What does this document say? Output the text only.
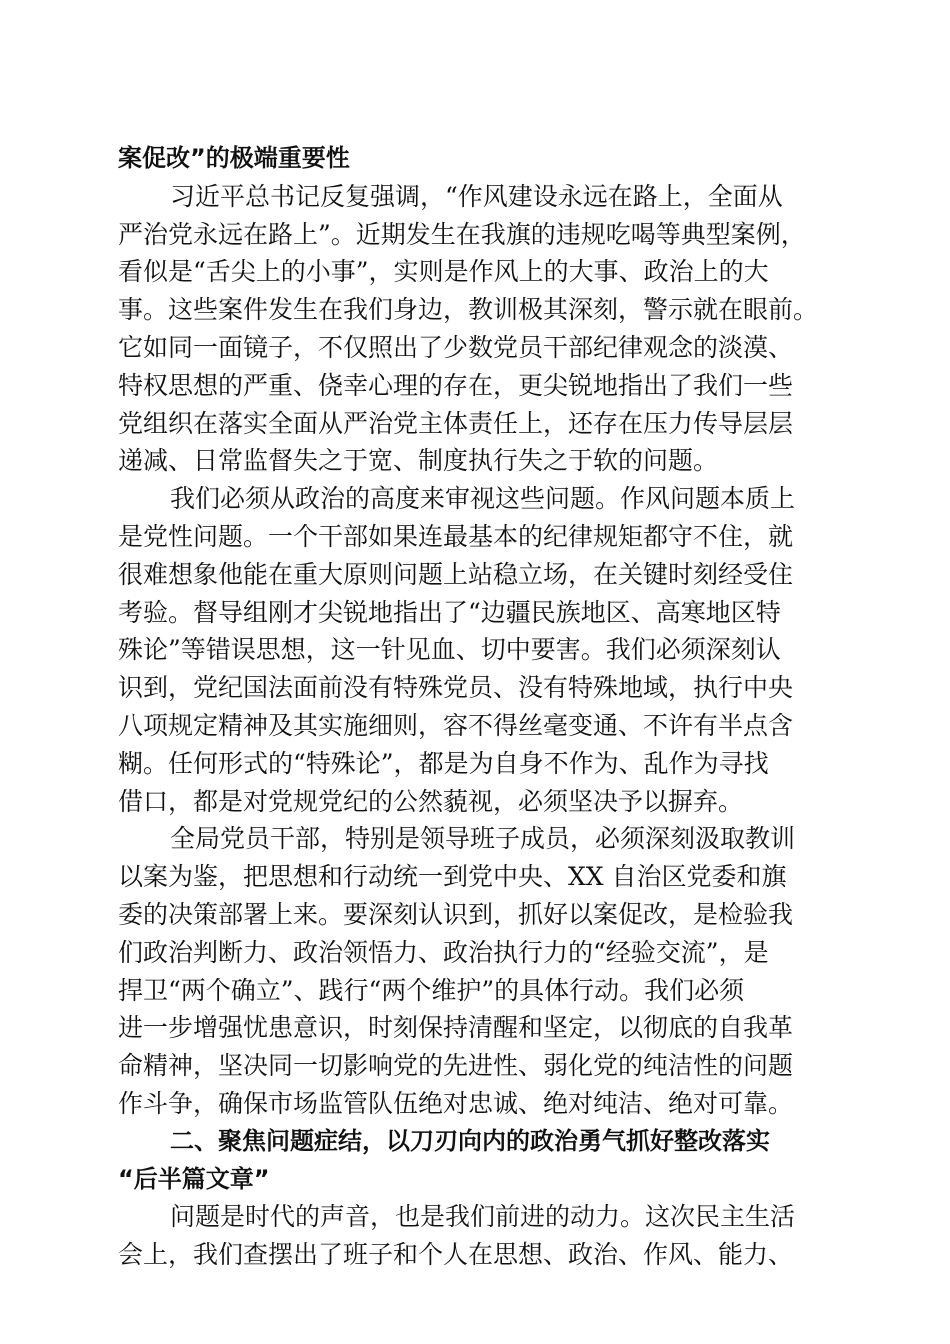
案促改”的极端重要性
习近平总书记反复强调，“作风建设永远在路上，全面从
严治党永远在路上”。近期发生在我旗的违规吃喝等典型案例，
看似是“舌尖上的小事”，实则是作风上的大事、政治上的大
事。这些案件发生在我们身边，教训极其深刻，警示就在眼前。
它如同一面镜子，不仅照出了少数党员干部纪律观念的淡漠、
特权思想的严重、侥幸心理的存在，更尖锐地指出了我们一些
党组织在落实全面从严治党主体责任上，还存在压力传导层层
递减、日常监督失之于宽、制度执行失之于软的问题。
我们必须从政治的高度来审视这些问题。作风问题本质上
是党性问题。一个干部如果连最基本的纪律规矩都守不住，就
很难想象他能在重大原则问题上站稳立场，在关键时刻经受住
考验。督导组刚才尖锐地指出了“边疆民族地区、高寒地区特
殊论”等错误思想，这一针见血、切中要害。我们必须深刻认
识到，党纪国法面前没有特殊党员、没有特殊地域，执行中央
八项规定精神及其实施细则，容不得丝毫变通、不许有半点含
糊。任何形式的“特殊论”，都是为自身不作为、乱作为寻找
借口，都是对党规党纪的公然藐视，必须坚决予以摒弃。
全局党员干部，特别是领导班子成员，必须深刻汲取教训
以案为鉴，把思想和行动统一到党中央、XX 自治区党委和旗
委的决策部署上来。要深刻认识到，抓好以案促改，是检验我
们政治判断力、政治领悟力、政治执行力的“经验交流”，是
捍卫“两个确立”、践行“两个维护”的具体行动。我们必须
进一步增强忧患意识，时刻保持清醒和坚定，以彻底的自我革
命精神，坚决同一切影响党的先进性、弱化党的纯洁性的问题
作斗争，确保市场监管队伍绝对忠诚、绝对纯洁、绝对可靠。
二、聚焦问题症结，以刀刃向内的政治勇气抓好整改落实
“后半篇文章”
问题是时代的声音，也是我们前进的动力。这次民主生活
会上，我们查摆出了班子和个人在思想、政治、作风、能力、
